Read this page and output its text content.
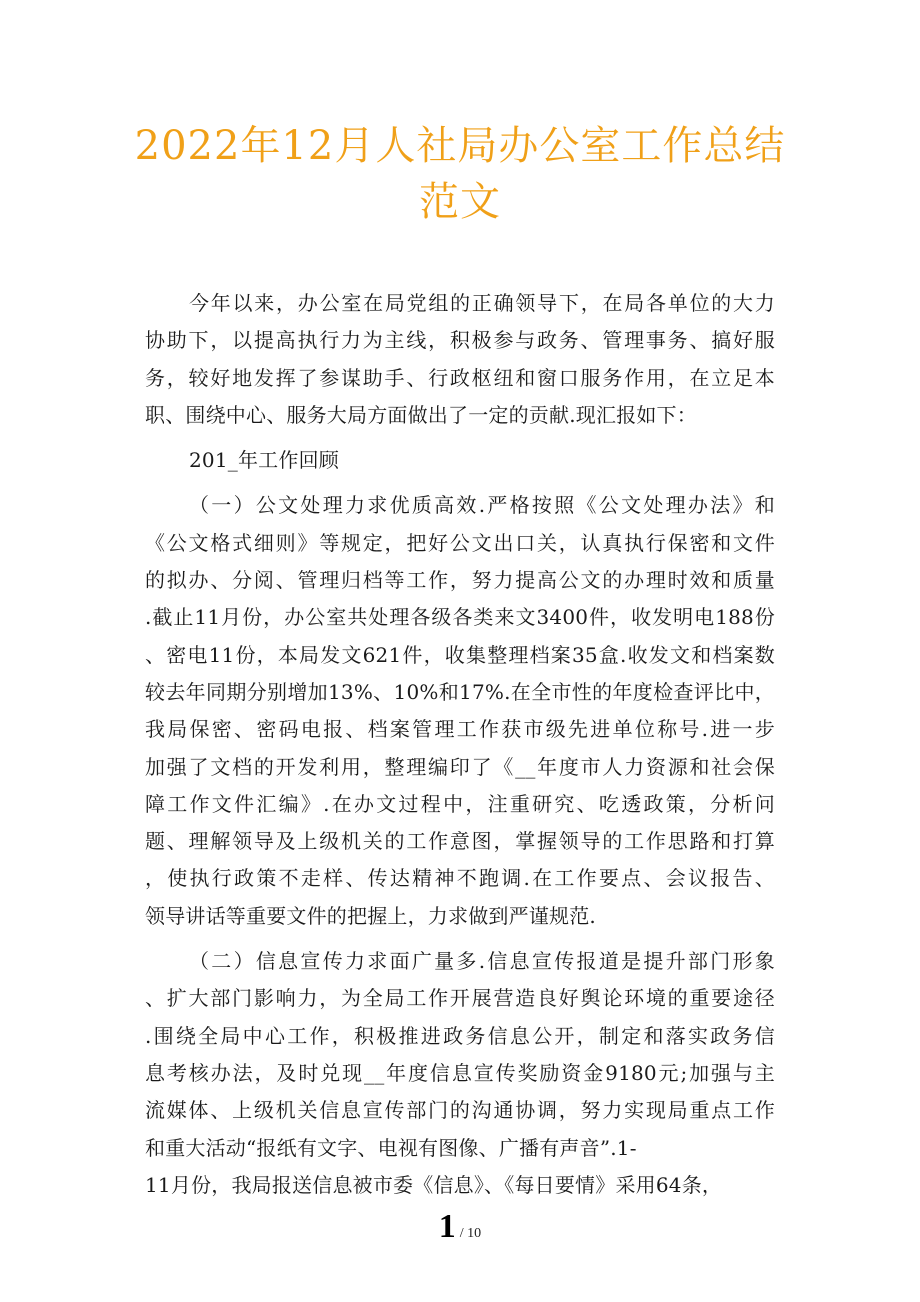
2022年12月人社局办公室工作总结
范文
今年以来，办公室在局党组的正确领导下，在局各单位的大力
协助下，以提高执行力为主线，积极参与政务、管理事务、搞好服
务，较好地发挥了参谋助手、行政枢纽和窗口服务作用，在立足本
职、围绕中心、服务大局方面做出了一定的贡献.现汇报如下：
201_年工作回顾
（一）公文处理力求优质高效.严格按照《公文处理办法》和
《公文格式细则》等规定，把好公文出口关，认真执行保密和文件
的拟办、分阅、管理归档等工作，努力提高公文的办理时效和质量
.截止11月份，办公室共处理各级各类来文3400件，收发明电188份
、密电11份，本局发文621件，收集整理档案35盒.收发文和档案数
较去年同期分别增加13%、10%和17%.在全市性的年度检查评比中，
我局保密、密码电报、档案管理工作获市级先进单位称号.进一步
加强了文档的开发利用，整理编印了《__年度市人力资源和社会保
障工作文件汇编》.在办文过程中，注重研究、吃透政策，分析问
题、理解领导及上级机关的工作意图，掌握领导的工作思路和打算
，使执行政策不走样、传达精神不跑调.在工作要点、会议报告、
领导讲话等重要文件的把握上，力求做到严谨规范.
（二）信息宣传力求面广量多.信息宣传报道是提升部门形象
、扩大部门影响力，为全局工作开展营造良好舆论环境的重要途径
.围绕全局中心工作，积极推进政务信息公开，制定和落实政务信
息考核办法，及时兑现__年度信息宣传奖励资金9180元;加强与主
流媒体、上级机关信息宣传部门的沟通协调，努力实现局重点工作
和重大活动“报纸有文字、电视有图像、广播有声音”.1-
11月份，我局报送信息被市委《信息》、《每日要情》采用64条，
1 / 10
